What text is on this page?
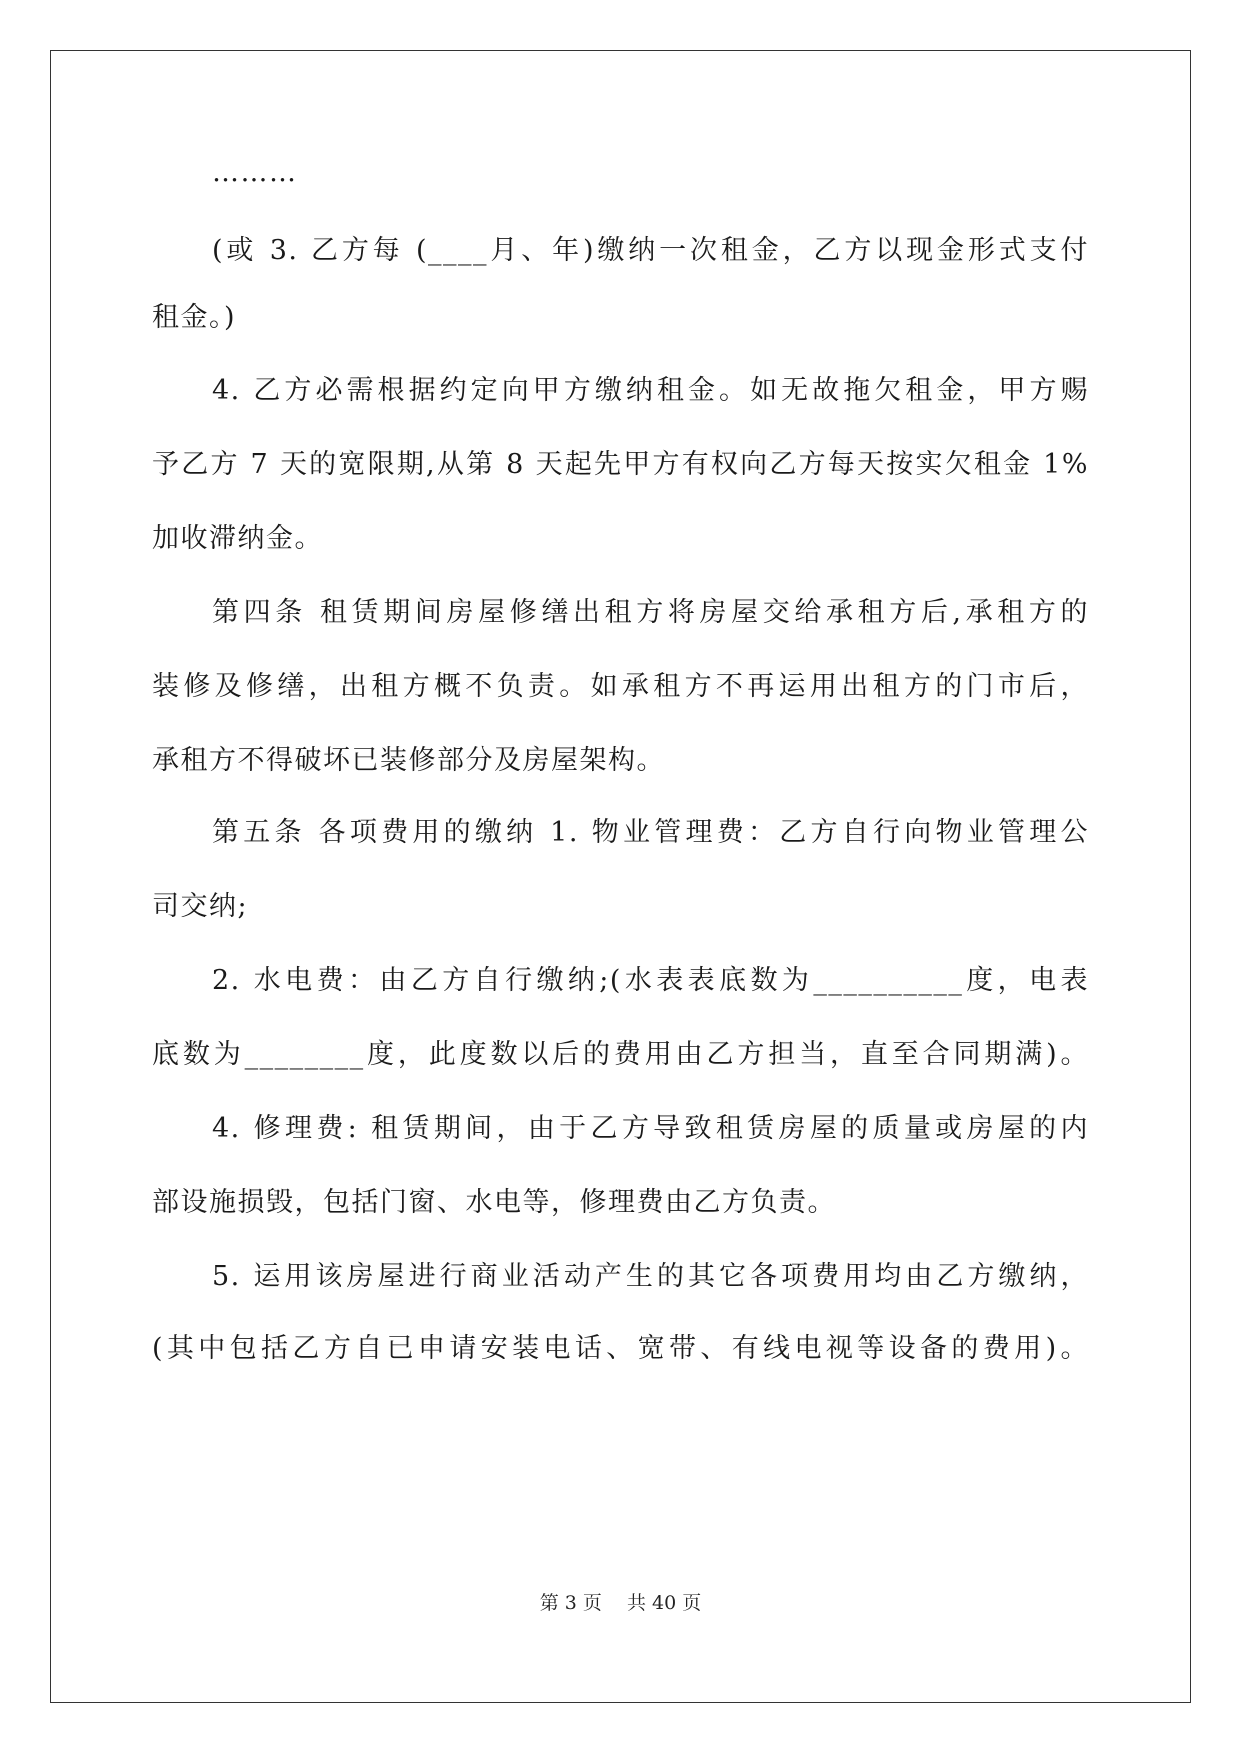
………
(或 3. 乙方每 (____月、年)缴纳一次租金，乙方以现金形式支付
租金。)
4. 乙方必需根据约定向甲方缴纳租金。如无故拖欠租金，甲方赐
予乙方 7 天的宽限期,从第 8 天起先甲方有权向乙方每天按实欠租金 1%
加收滞纳金。
第四条 租赁期间房屋修缮出租方将房屋交给承租方后,承租方的
装修及修缮，出租方概不负责。如承租方不再运用出租方的门市后，
承租方不得破坏已装修部分及房屋架构。
第五条 各项费用的缴纳 1. 物业管理费：乙方自行向物业管理公
司交纳;
2. 水电费：由乙方自行缴纳;(水表表底数为__________度，电表
底数为________度，此度数以后的费用由乙方担当，直至合同期满)。
4. 修理费: 租赁期间，由于乙方导致租赁房屋的质量或房屋的内
部设施损毁，包括门窗、水电等，修理费由乙方负责。
5. 运用该房屋进行商业活动产生的其它各项费用均由乙方缴纳，
(其中包括乙方自已申请安装电话、宽带、有线电视等设备的费用)。
第 3 页　 共 40 页
